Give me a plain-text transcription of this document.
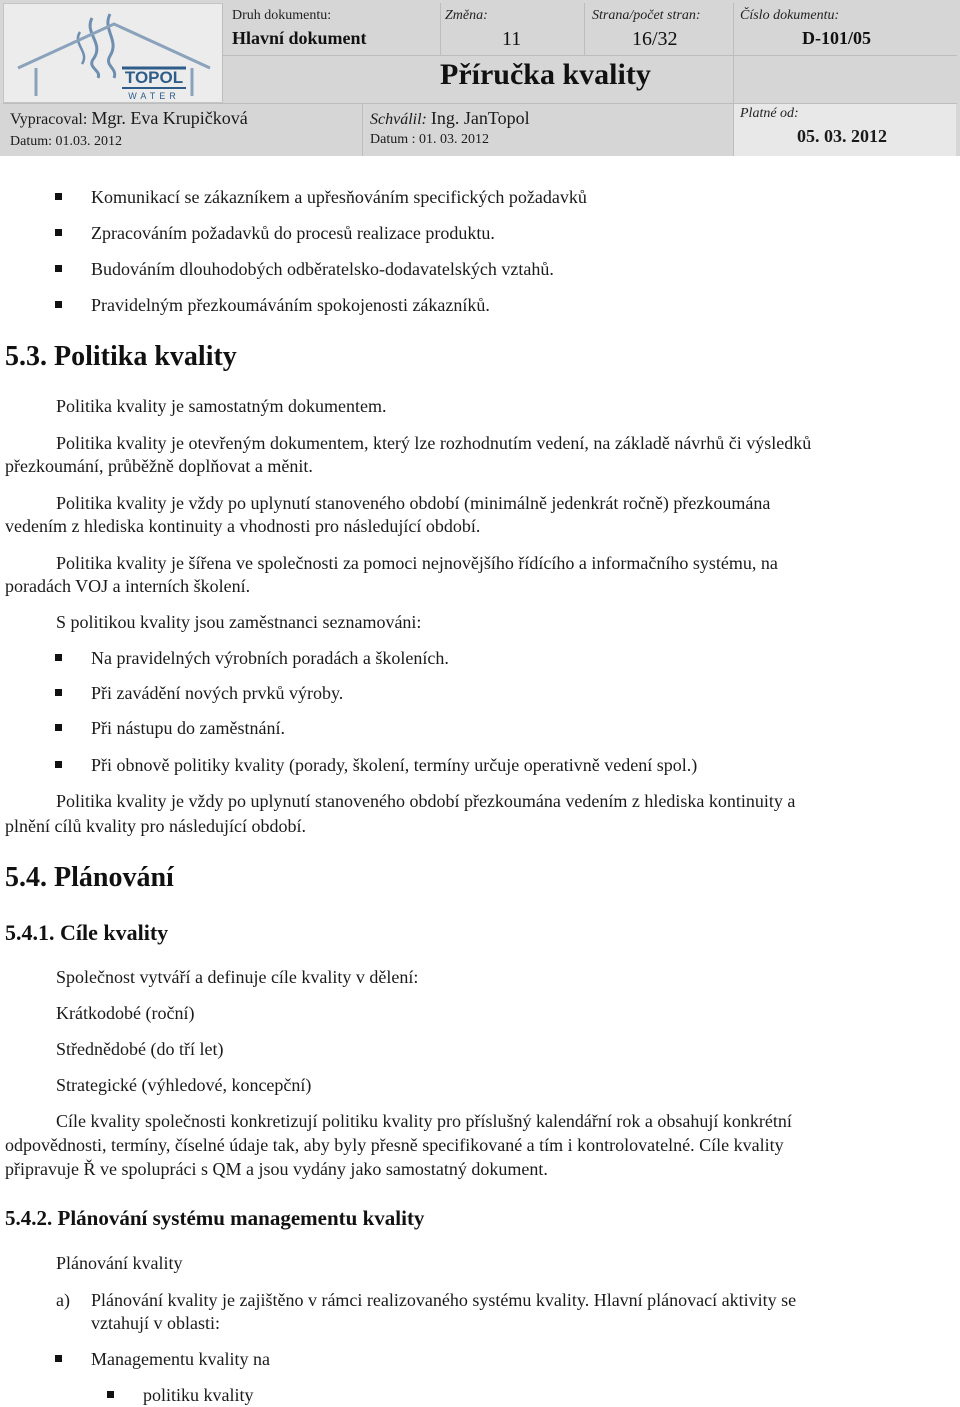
TOPOL
WATER
Druh dokumentu:
Hlavní dokument
Změna:
11
Strana/počet stran:
16/32
Číslo dokumentu:
D-101/05
Příručka kvality
Vypracoval: Mgr. Eva Krupičková
Datum: 01.03. 2012
Schválil: Ing. JanTopol
Datum : 01. 03. 2012
Platné od:
05. 03. 2012
Komunikací se zákazníkem a upřesňováním specifických požadavků
Zpracováním požadavků do procesů realizace produktu.
Budováním dlouhodobých odběratelsko-dodavatelských vztahů.
Pravidelným přezkoumáváním spokojenosti zákazníků.
5.3. Politika kvality
Politika kvality je samostatným dokumentem.
Politika kvality je otevřeným dokumentem, který lze rozhodnutím vedení, na základě návrhů či výsledků
přezkoumání, průběžně doplňovat a měnit.
Politika kvality je vždy po uplynutí stanoveného období (minimálně jedenkrát ročně) přezkoumána
vedením z hlediska kontinuity a vhodnosti pro následující období.
Politika kvality je šířena ve společnosti za pomoci nejnovějšího řídícího a informačního systému, na
poradách VOJ a interních školení.
S politikou kvality jsou zaměstnanci seznamováni:
Na pravidelných výrobních poradách a školeních.
Při zavádění nových prvků výroby.
Při nástupu do zaměstnání.
Při obnově politiky kvality (porady, školení, termíny určuje operativně vedení spol.)
Politika kvality je vždy po uplynutí stanoveného období přezkoumána vedením z hlediska kontinuity a
plnění cílů kvality pro následující období.
5.4. Plánování
5.4.1. Cíle kvality
Společnost vytváří a definuje cíle kvality v dělení:
Krátkodobé (roční)
Střednědobé (do tří let)
Strategické (výhledové, koncepční)
Cíle kvality společnosti konkretizují politiku kvality pro příslušný kalendářní rok a obsahují konkrétní
odpovědnosti, termíny, číselné údaje tak, aby byly přesně specifikované a tím i kontrolovatelné. Cíle kvality
připravuje Ř ve spolupráci s QM a jsou vydány jako samostatný dokument.
5.4.2. Plánování systému managementu kvality
Plánování kvality
a) Plánování kvality je zajištěno v rámci realizovaného systému kvality. Hlavní plánovací aktivity se
vztahují v oblasti:
Managementu kvality na
politiku kvality
